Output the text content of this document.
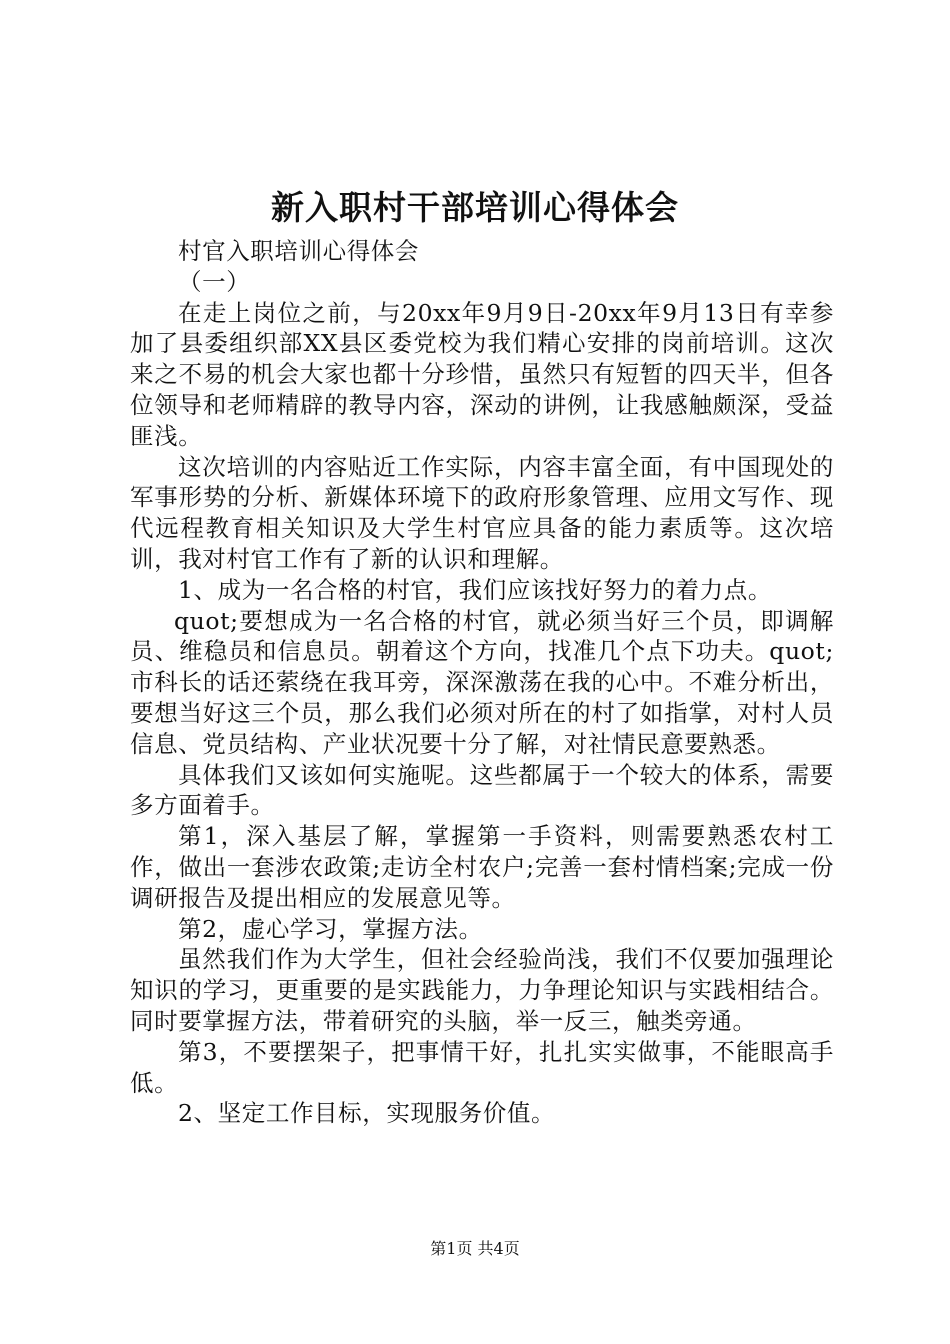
新入职村干部培训心得体会

村官入职培训心得体会

（一）

在走上岗位之前，与20xx年9月9日-20xx年9月13日有幸参加了县委组织部XX县区委党校为我们精心安排的岗前培训。这次来之不易的机会大家也都十分珍惜，虽然只有短暂的四天半，但各位领导和老师精辟的教导内容，深动的讲例，让我感触颇深，受益匪浅。

这次培训的内容贴近工作实际，内容丰富全面，有中国现处的军事形势的分析、新媒体环境下的政府形象管理、应用文写作、现代远程教育相关知识及大学生村官应具备的能力素质等。这次培训，我对村官工作有了新的认识和理解。

1、成为一名合格的村官，我们应该找好努力的着力点。

quot;要想成为一名合格的村官，就必须当好三个员，即调解员、维稳员和信息员。朝着这个方向，找准几个点下功夫。quot;市科长的话还萦绕在我耳旁，深深激荡在我的心中。不难分析出，要想当好这三个员，那么我们必须对所在的村了如指掌，对村人员信息、党员结构、产业状况要十分了解，对社情民意要熟悉。

具体我们又该如何实施呢。这些都属于一个较大的体系，需要多方面着手。

第1，深入基层了解，掌握第一手资料，则需要熟悉农村工作，做出一套涉农政策;走访全村农户;完善一套村情档案;完成一份调研报告及提出相应的发展意见等。

第2，虚心学习，掌握方法。

虽然我们作为大学生，但社会经验尚浅，我们不仅要加强理论知识的学习，更重要的是实践能力，力争理论知识与实践相结合。同时要掌握方法，带着研究的头脑，举一反三，触类旁通。

第3，不要摆架子，把事情干好，扎扎实实做事，不能眼高手低。

2、坚定工作目标，实现服务价值。

第1页 共4页
